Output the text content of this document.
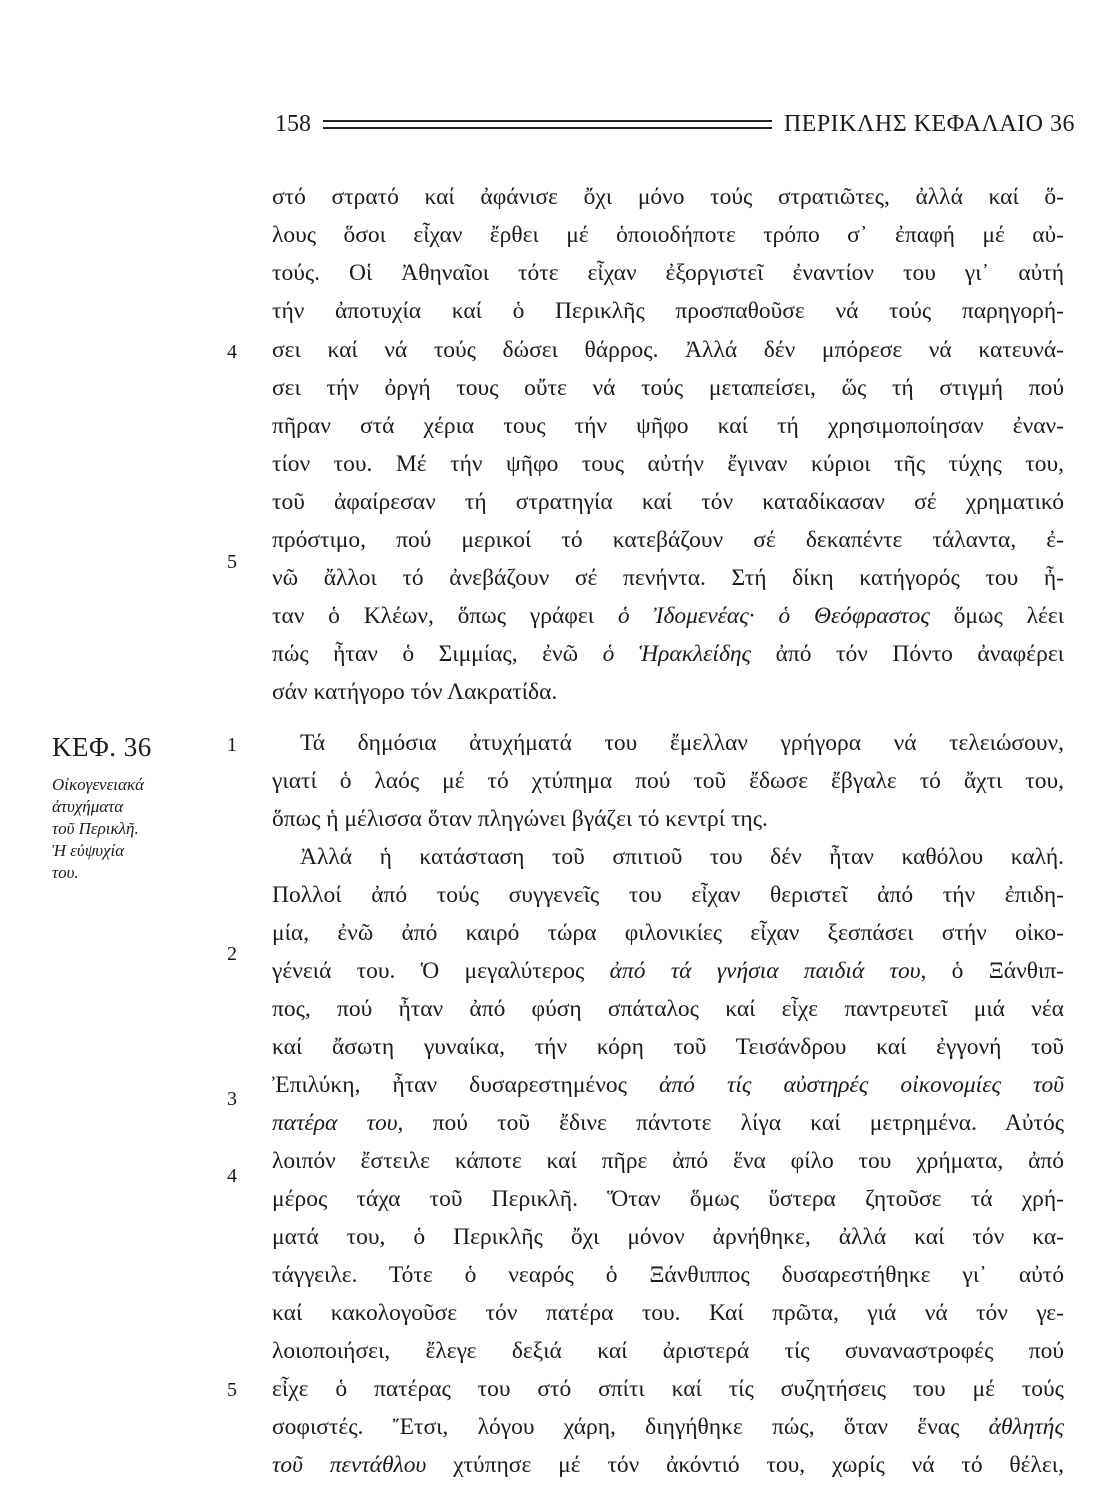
158	ΠΕΡΙΚΛΗΣ ΚΕΦΑΛΑΙΟ 36
4
5
1
2
3
4
5
ΚΕΦ. 36
Οἰκογενειακά
ἀτυχήματα
τοῦ Περικλῆ.
Ἡ εὐψυχία
του.
στό στρατό καί ἀφάνισε ὄχι μόνο τούς στρατιῶτες, ἀλλά καί ὅ-
λους ὅσοι εἶχαν ἔρθει μέ ὁποιοδήποτε τρόπο σ᾽ ἐπαφή μέ αὐ-
τούς. Οἱ Ἀθηναῖοι τότε εἶχαν ἐξοργιστεῖ ἐναντίον του γι᾽ αὐτή
τήν ἀποτυχία καί ὁ Περικλῆς προσπαθοῦσε νά τούς παρηγορή-
σει καί νά τούς δώσει θάρρος. Ἀλλά δέν μπόρεσε νά κατευνά-
σει τήν ὀργή τους οὔτε νά τούς μεταπείσει, ὥς τή στιγμή πού
πῆραν στά χέρια τους τήν ψῆφο καί τή χρησιμοποίησαν ἐναν-
τίον του. Μέ τήν ψῆφο τους αὐτήν ἔγιναν κύριοι τῆς τύχης του,
τοῦ ἀφαίρεσαν τή στρατηγία καί τόν καταδίκασαν σέ χρηματικό
πρόστιμο, πού μερικοί τό κατεβάζουν σέ δεκαπέντε τάλαντα, ἐ-
νῶ ἄλλοι τό ἀνεβάζουν σέ πενήντα. Στή δίκη κατήγορός του ἦ-
ταν ὁ Κλέων, ὅπως γράφει ὁ Ἰδομενέας· ὁ Θεόφραστος ὅμως λέει
πώς ἦταν ὁ Σιμμίας, ἐνῶ ὁ Ἡρακλείδης ἀπό τόν Πόντο ἀναφέρει
σάν κατήγορο τόν Λακρατίδα.
Τά δημόσια ἀτυχήματά του ἔμελλαν γρήγορα νά τελειώσουν,
γιατί ὁ λαός μέ τό χτύπημα πού τοῦ ἔδωσε ἔβγαλε τό ἄχτι του,
ὅπως ἡ μέλισσα ὅταν πληγώνει βγάζει τό κεντρί της.
Ἀλλά ἡ κατάσταση τοῦ σπιτιοῦ του δέν ἦταν καθόλου καλή.
Πολλοί ἀπό τούς συγγενεῖς του εἶχαν θεριστεῖ ἀπό τήν ἐπιδη-
μία, ἐνῶ ἀπό καιρό τώρα φιλονικίες εἶχαν ξεσπάσει στήν οἰκο-
γένειά του. Ὁ μεγαλύτερος ἀπό τά γνήσια παιδιά του, ὁ Ξάνθιπ-
πος, πού ἦταν ἀπό φύση σπάταλος καί εἶχε παντρευτεῖ μιά νέα
καί ἄσωτη γυναίκα, τήν κόρη τοῦ Τεισάνδρου καί ἐγγονή τοῦ
Ἐπιλύκη, ἦταν δυσαρεστημένος ἀπό τίς αὐστηρές οἰκονομίες τοῦ
πατέρα του, πού τοῦ ἔδινε πάντοτε λίγα καί μετρημένα. Αὐτός
λοιπόν ἔστειλε κάποτε καί πῆρε ἀπό ἕνα φίλο του χρήματα, ἀπό
μέρος τάχα τοῦ Περικλῆ. Ὅταν ὅμως ὕστερα ζητοῦσε τά χρή-
ματά του, ὁ Περικλῆς ὄχι μόνον ἀρνήθηκε, ἀλλά καί τόν κα-
τάγγειλε. Τότε ὁ νεαρός ὁ Ξάνθιππος δυσαρεστήθηκε γι᾽ αὐτό
καί κακολογοῦσε τόν πατέρα του. Καί πρῶτα, γιά νά τόν γε-
λοιοποιήσει, ἔλεγε δεξιά καί ἀριστερά τίς συναναστροφές πού
εἶχε ὁ πατέρας του στό σπίτι καί τίς συζητήσεις του μέ τούς
σοφιστές. Ἔτσι, λόγου χάρη, διηγήθηκε πώς, ὅταν ἕνας ἀθλητής
τοῦ πεντάθλου χτύπησε μέ τόν ἀκόντιό του, χωρίς νά τό θέλει,
